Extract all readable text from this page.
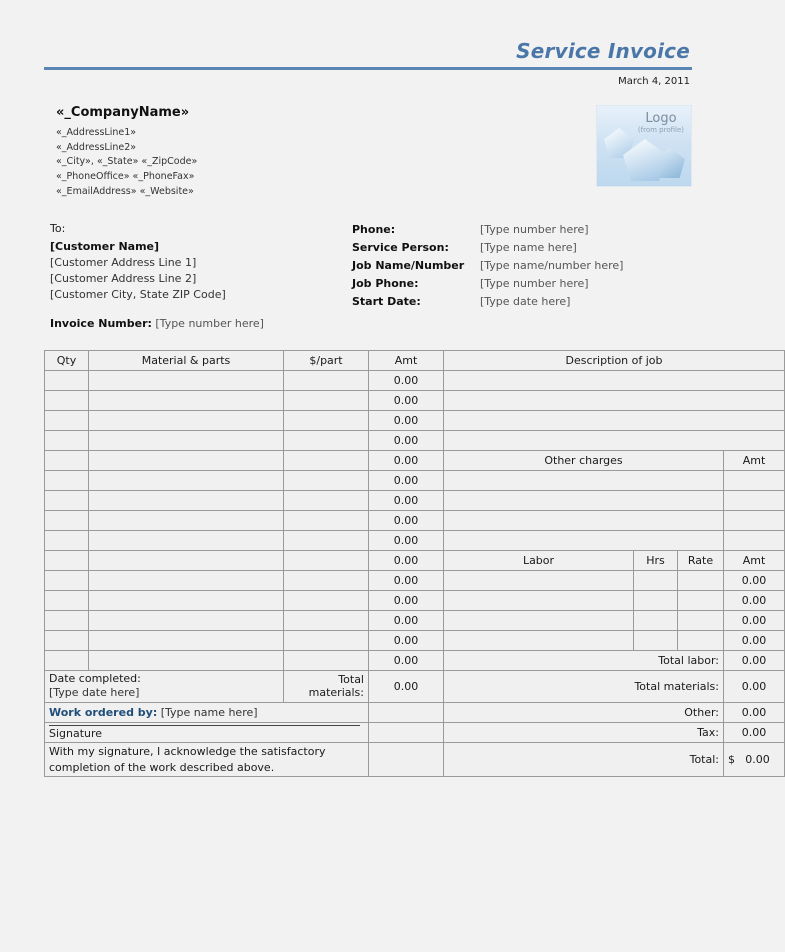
Service Invoice
March 4, 2011
«_CompanyName»
«_AddressLine1»
«_AddressLine2»
«_City», «_State» «_ZipCode»
«_PhoneOffice» «_PhoneFax»
«_EmailAddress» «_Website»
Logo
(from profile)
To:
[Customer Name]
[Customer Address Line 1]
[Customer Address Line 2]
[Customer City, State ZIP Code]
Invoice Number: [Type number here]
Phone:	[Type number here]
Service Person:	[Type name here]
Job Name/Number	[Type name/number here]
Job Phone:	[Type number here]
Start Date:	[Type date here]
Qty	Material & parts	$/part	Amt	Description of job			
			0.00				
			0.00				
			0.00				
			0.00				
			0.00	Other charges			Amt
			0.00				
			0.00				
			0.00				
			0.00				
			0.00	Labor	Hrs	Rate	Amt
			0.00				0.00
			0.00				0.00
			0.00				0.00
			0.00				0.00
			0.00	Total labor:			0.00
Date completed:
[Type date here]		Total materials:	0.00	Total materials:			0.00
Work ordered by: [Type name here]				Other:			0.00

Signature				Tax:			0.00
With my signature, I acknowledge the satisfactory completion of the work described above.				Total:			$ 0.00
